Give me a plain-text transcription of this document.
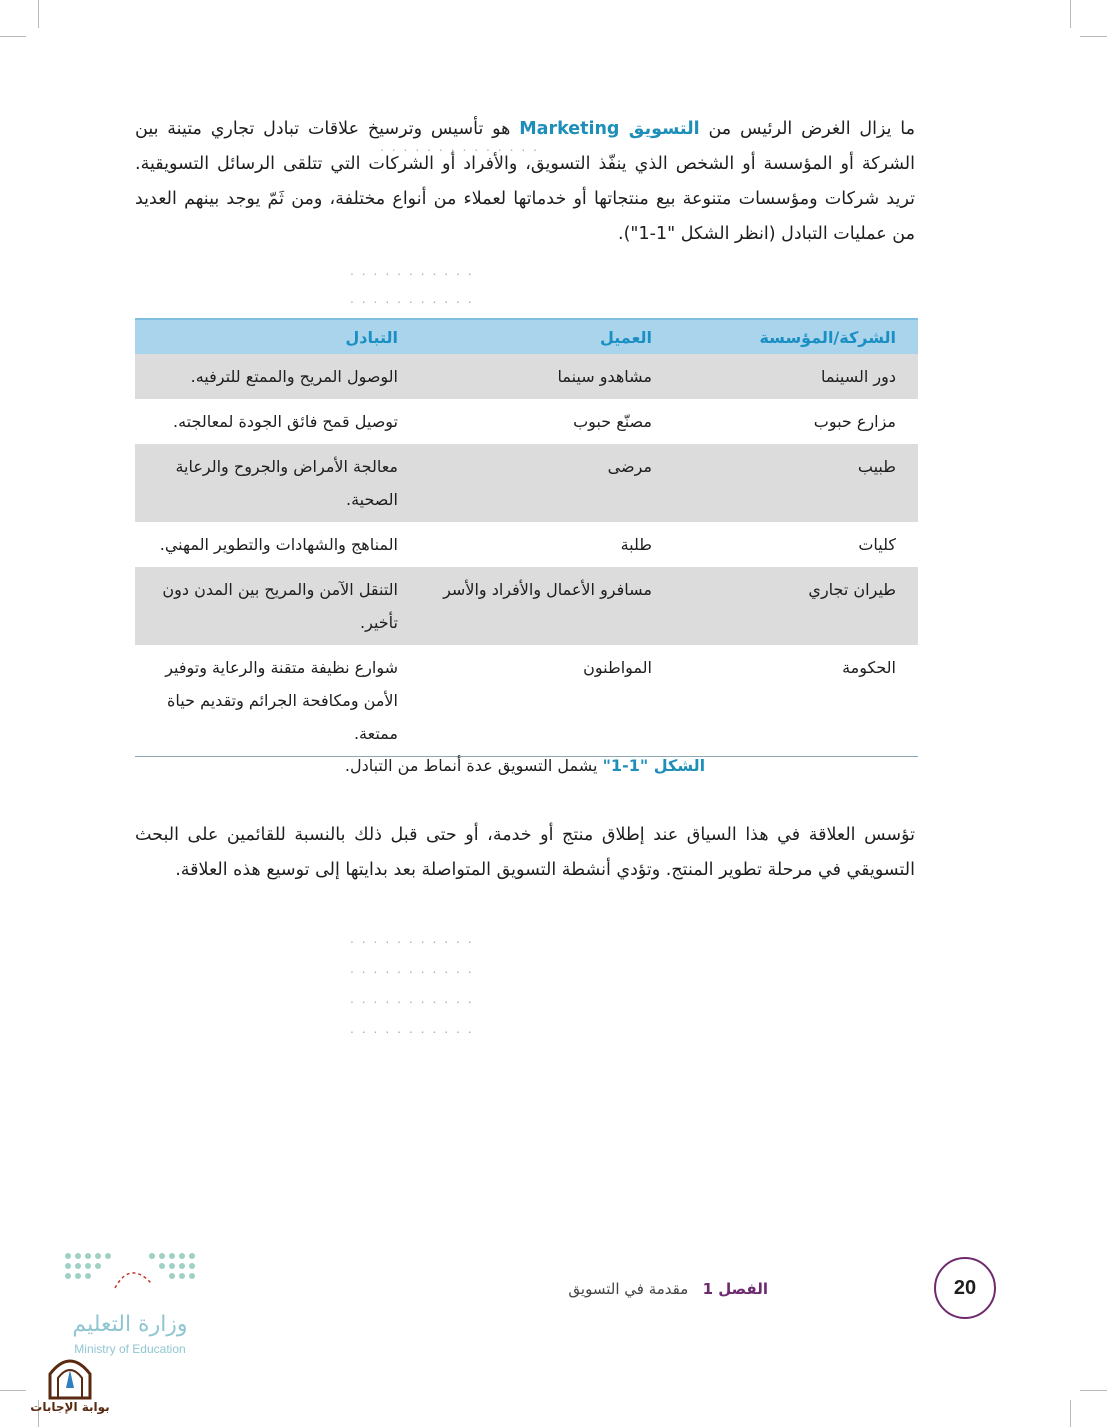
. . . . . . . . . . . . . .
. . . . . . . . . . .
. . . . . . . . . . .
. . . . . . . . . . .
. . . . . . . . . . .
. . . . . . . . . . .
. . . . . . . . . . .
ما يزال الغرض الرئيس من التسويق Marketing هو تأسيس وترسيخ علاقات تبادل تجاري متينة بين الشركة أو المؤسسة أو الشخص الذي ينفّذ التسويق، والأفراد أو الشركات التي تتلقى الرسائل التسويقية. تريد شركات ومؤسسات متنوعة بيع منتجاتها أو خدماتها لعملاء من أنواع مختلفة، ومن ثَمّ يوجد بينهم العديد من عمليات التبادل (انظر الشكل "1-1").
الشركة/المؤسسة	العميل	التبادل
دور السينما	مشاهدو سينما	الوصول المريح والممتع للترفيه.
مزارع حبوب	مصنّع حبوب	توصيل قمح فائق الجودة لمعالجته.
طبيب	مرضى	معالجة الأمراض والجروح والرعاية الصحية.
كليات	طلبة	المناهج والشهادات والتطوير المهني.
طيران تجاري	مسافرو الأعمال والأفراد والأسر	التنقل الآمن والمريح بين المدن دون تأخير.
الحكومة	المواطنون	شوارع نظيفة متقنة والرعاية وتوفير الأمن ومكافحة الجرائم وتقديم حياة ممتعة.
الشكل "1-1" يشمل التسويق عدة أنماط من التبادل.
تؤسس العلاقة في هذا السياق عند إطلاق منتج أو خدمة، أو حتى قبل ذلك بالنسبة للقائمين على البحث التسويقي في مرحلة تطوير المنتج. وتؤدي أنشطة التسويق المتواصلة بعد بدايتها إلى توسيع هذه العلاقة.
الفصل 1   مقدمة في التسويق	20
وزارة التعليم
Ministry of Education
بوابة الإجابات
